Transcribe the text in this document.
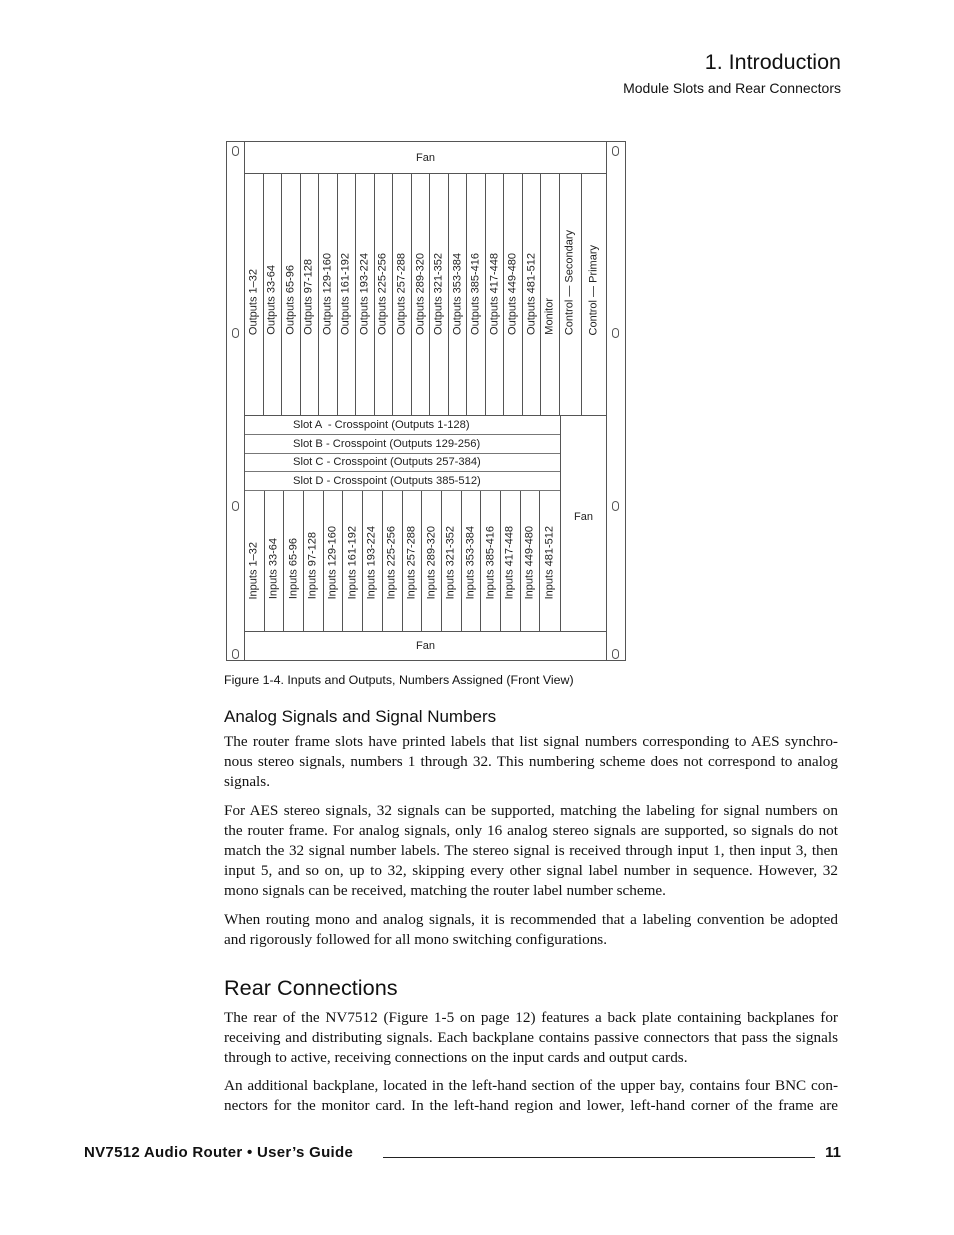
1. Introduction
Module Slots and Rear Connectors
Fan
Outputs 1–32 Outputs 33-64 Outputs 65-96 Outputs 97-128 Outputs 129-160 Outputs 161-192 Outputs 193-224 Outputs 225-256 Outputs 257-288 Outputs 289-320 Outputs 321-352 Outputs 353-384 Outputs 385-416 Outputs 417-448 Outputs 449-480 Outputs 481-512 Monitor Control — Secondary Control — Primary
Slot A  - Crosspoint (Outputs 1-128)
Slot B - Crosspoint (Outputs 129-256)
Slot C - Crosspoint (Outputs 257-384)
Slot D - Crosspoint (Outputs 385-512)
Fan
Inputs 1–32 Inputs 33-64 Inputs 65-96 Inputs 97-128 Inputs 129-160 Inputs 161-192 Inputs 193-224 Inputs 225-256 Inputs 257-288 Inputs 289-320 Inputs 321-352 Inputs 353-384 Inputs 385-416 Inputs 417-448 Inputs 449-480 Inputs 481-512
Fan
Figure 1-4. Inputs and Outputs, Numbers Assigned (Front View)
Analog Signals and Signal Numbers
The router frame slots have printed labels that list signal numbers corresponding to AES synchro-
nous stereo signals, numbers 1 through 32. This numbering scheme does not correspond to analog
signals.
For AES stereo signals, 32 signals can be supported, matching the labeling for signal numbers on
the router frame. For analog signals, only 16 analog stereo signals are supported, so signals do not
match the 32 signal number labels. The stereo signal is received through input 1, then input 3, then
input 5, and so on, up to 32, skipping every other signal label number in sequence. However, 32
mono signals can be received, matching the router label number scheme.
When routing mono and analog signals, it is recommended that a labeling convention be adopted
and rigorously followed for all mono switching configurations.
Rear Connections
The rear of the NV7512 (Figure 1-5 on page 12) features a back plate containing backplanes for
receiving and distributing signals. Each backplane contains passive connectors that pass the signals
through to active, receiving connections on the input cards and output cards.
An additional backplane, located in the left-hand section of the upper bay, contains four BNC con-
nectors for the monitor card. In the left-hand region and lower, left-hand corner of the frame are
NV7512 Audio Router • User’s Guide	11
